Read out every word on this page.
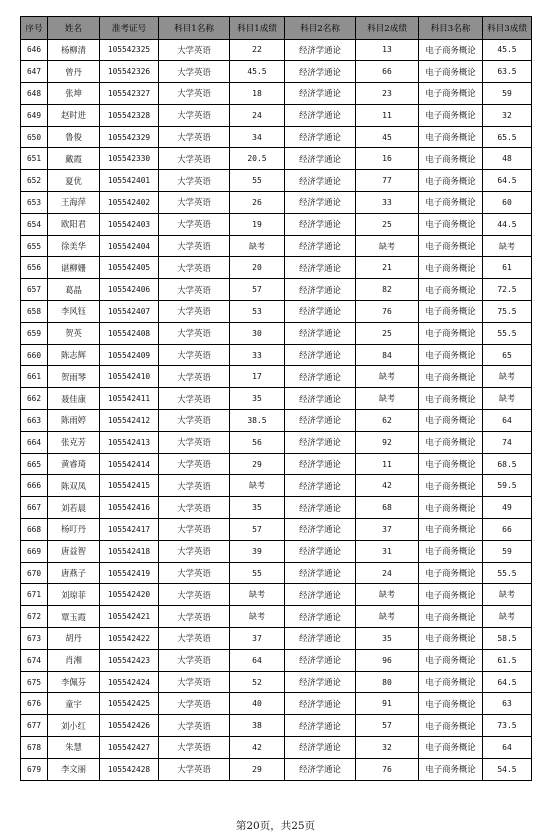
序号	姓名	准考证号	科目1名称	科目1成绩	科目2名称	科目2成绩	科目3名称	科目3成绩
646	杨柳清	105542325	大学英语	22	经济学通论	13	电子商务概论	45.5
647	曾丹	105542326	大学英语	45.5	经济学通论	66	电子商务概论	63.5
648	张坤	105542327	大学英语	18	经济学通论	23	电子商务概论	59
649	赵时进	105542328	大学英语	24	经济学通论	11	电子商务概论	32
650	鲁俊	105542329	大学英语	34	经济学通论	45	电子商务概论	65.5
651	戴霞	105542330	大学英语	20.5	经济学通论	16	电子商务概论	48
652	夏优	105542401	大学英语	55	经济学通论	77	电子商务概论	64.5
653	王海萍	105542402	大学英语	26	经济学通论	33	电子商务概论	60
654	欧阳君	105542403	大学英语	19	经济学通论	25	电子商务概论	44.5
655	徐美华	105542404	大学英语	缺考	经济学通论	缺考	电子商务概论	缺考
656	谌柳姗	105542405	大学英语	20	经济学通论	21	电子商务概论	61
657	葛晶	105542406	大学英语	57	经济学通论	82	电子商务概论	72.5
658	李风钰	105542407	大学英语	53	经济学通论	76	电子商务概论	75.5
659	贺英	105542408	大学英语	30	经济学通论	25	电子商务概论	55.5
660	陈志辉	105542409	大学英语	33	经济学通论	84	电子商务概论	65
661	贺雨琴	105542410	大学英语	17	经济学通论	缺考	电子商务概论	缺考
662	聂佳康	105542411	大学英语	35	经济学通论	缺考	电子商务概论	缺考
663	陈雨婷	105542412	大学英语	38.5	经济学通论	62	电子商务概论	64
664	张克芳	105542413	大学英语	56	经济学通论	92	电子商务概论	74
665	黄睿琦	105542414	大学英语	29	经济学通论	11	电子商务概论	68.5
666	陈双凤	105542415	大学英语	缺考	经济学通论	42	电子商务概论	59.5
667	刘若晨	105542416	大学英语	35	经济学通论	68	电子商务概论	49
668	杨叮丹	105542417	大学英语	57	经济学通论	37	电子商务概论	66
669	唐益智	105542418	大学英语	39	经济学通论	31	电子商务概论	59
670	唐燕子	105542419	大学英语	55	经济学通论	24	电子商务概论	55.5
671	刘琼菲	105542420	大学英语	缺考	经济学通论	缺考	电子商务概论	缺考
672	覃玉霞	105542421	大学英语	缺考	经济学通论	缺考	电子商务概论	缺考
673	胡丹	105542422	大学英语	37	经济学通论	35	电子商务概论	58.5
674	肖湘	105542423	大学英语	64	经济学通论	96	电子商务概论	61.5
675	李佩芬	105542424	大学英语	52	经济学通论	80	电子商务概论	64.5
676	童宇	105542425	大学英语	40	经济学通论	91	电子商务概论	63
677	刘小红	105542426	大学英语	38	经济学通论	57	电子商务概论	73.5
678	朱慧	105542427	大学英语	42	经济学通论	32	电子商务概论	64
679	李文丽	105542428	大学英语	29	经济学通论	76	电子商务概论	54.5
第20页，共25页
